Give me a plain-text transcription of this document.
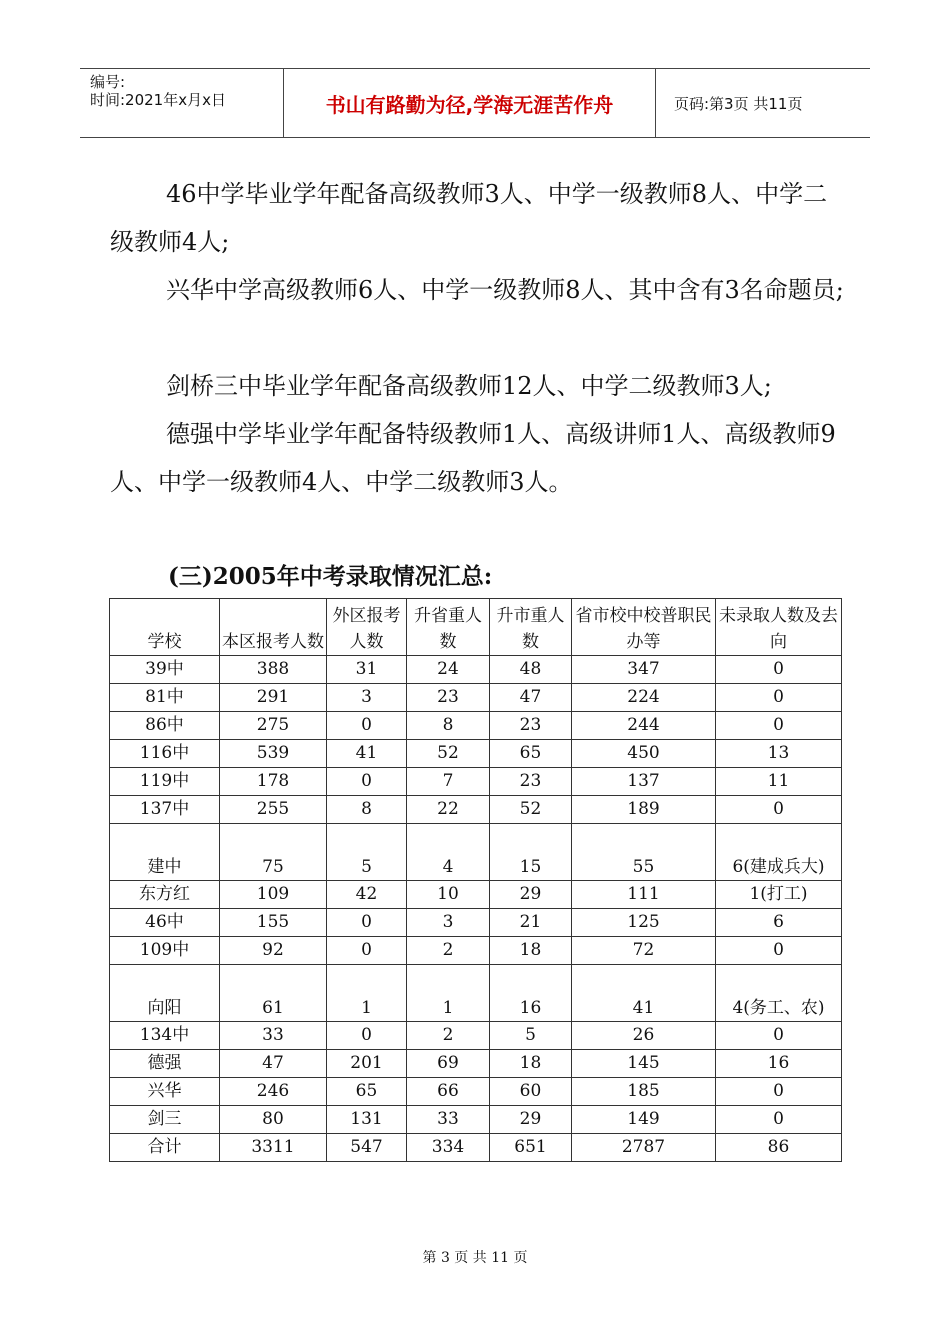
编号:
时间:2021年x月x日	书山有路勤为径,学海无涯苦作舟	页码:第3页 共11页
46中学毕业学年配备高级教师3人、中学一级教师8人、中学二级教师4人;
兴华中学高级教师6人、中学一级教师8人、其中含有3名命题员;
剑桥三中毕业学年配备高级教师12人、中学二级教师3人;
德强中学毕业学年配备特级教师1人、高级讲师1人、高级教师9人、中学一级教师4人、中学二级教师3人。
(三)2005年中考录取情况汇总:
学校	本区报考人数	外区报考人数	升省重人数	升市重人数	省市校中校普职民办等	未录取人数及去向
39中	388	31	24	48	347	0
81中	291	3	23	47	224	0
86中	275	0	8	23	244	0
116中	539	41	52	65	450	13
119中	178	0	7	23	137	11
137中	255	8	22	52	189	0
建中	75	5	4	15	55	6(建成兵大)
东方红	109	42	10	29	111	1(打工)
46中	155	0	3	21	125	6
109中	92	0	2	18	72	0
向阳	61	1	1	16	41	4(务工、农)
134中	33	0	2	5	26	0
德强	47	201	69	18	145	16
兴华	246	65	66	60	185	0
剑三	80	131	33	29	149	0
合计	3311	547	334	651	2787	86
第 3 页 共 11 页
